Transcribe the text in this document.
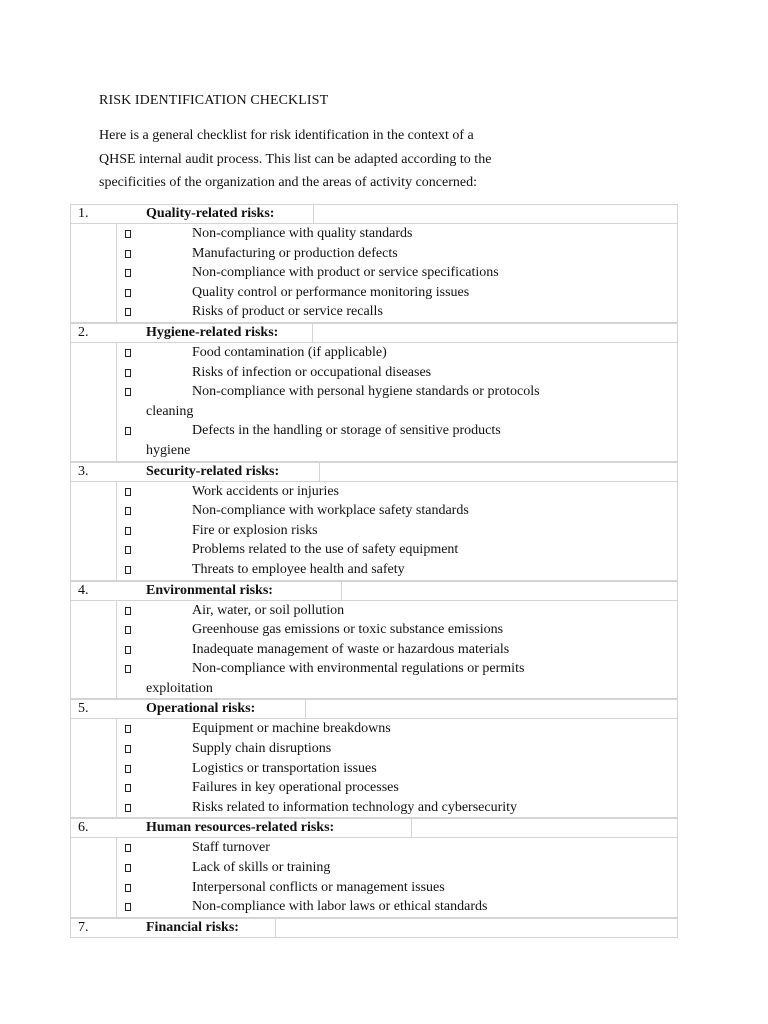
RISK IDENTIFICATION CHECKLIST
Here is a general checklist for risk identification in the context of a
QHSE internal audit process. This list can be adapted according to the
specificities of the organization and the areas of activity concerned:
1.	Quality-related risks:
Non-compliance with quality standards
Manufacturing or production defects
Non-compliance with product or service specifications
Quality control or performance monitoring issues
Risks of product or service recalls
2.	Hygiene-related risks:
Food contamination (if applicable)
Risks of infection or occupational diseases
Non-compliance with personal hygiene standards or protocols
cleaning
Defects in the handling or storage of sensitive products
hygiene
3.	Security-related risks:
Work accidents or injuries
Non-compliance with workplace safety standards
Fire or explosion risks
Problems related to the use of safety equipment
Threats to employee health and safety
4.	Environmental risks:
Air, water, or soil pollution
Greenhouse gas emissions or toxic substance emissions
Inadequate management of waste or hazardous materials
Non-compliance with environmental regulations or permits
exploitation
5.	Operational risks:
Equipment or machine breakdowns
Supply chain disruptions
Logistics or transportation issues
Failures in key operational processes
Risks related to information technology and cybersecurity
6.	Human resources-related risks:
Staff turnover
Lack of skills or training
Interpersonal conflicts or management issues
Non-compliance with labor laws or ethical standards
7.	Financial risks:
